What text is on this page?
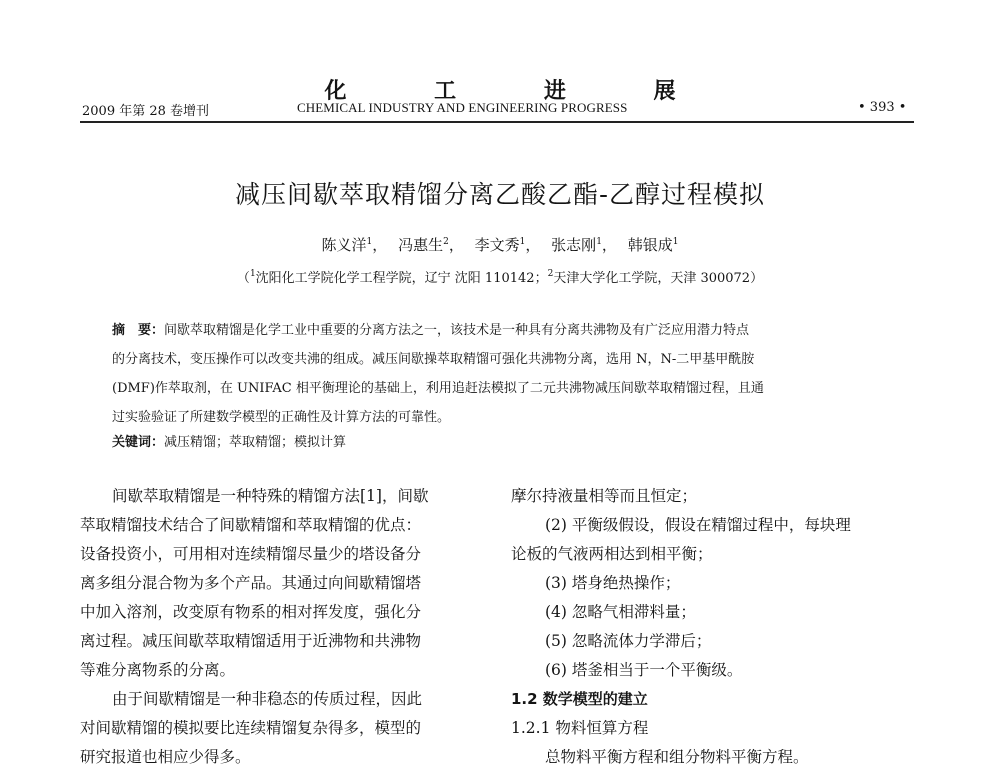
化 工 进 展
2009 年第 28 卷增刊	CHEMICAL INDUSTRY AND ENGINEERING PROGRESS	• 393 •
减压间歇萃取精馏分离乙酸乙酯-乙醇过程模拟
陈义洋$^1$， 冯惠生$^2$， 李文秀$^1$， 张志刚$^1$， 韩银成$^1$
（$^1$沈阳化工学院化学工程学院，辽宁 沈阳 110142；$^2$天津大学化工学院，天津 300072）
摘　要：间歇萃取精馏是化学工业中重要的分离方法之一，该技术是一种具有分离共沸物及有广泛应用潜力特点
的分离技术，变压操作可以改变共沸的组成。减压间歇操萃取精馏可强化共沸物分离，选用 N，N-二甲基甲酰胺
(DMF)作萃取剂，在 UNIFAC 相平衡理论的基础上，利用追赶法模拟了二元共沸物减压间歇萃取精馏过程，且通
过实验验证了所建数学模型的正确性及计算方法的可靠性。
关键词：减压精馏；萃取精馏；模拟计算
间歇萃取精馏是一种特殊的精馏方法[1]，间歇
萃取精馏技术结合了间歇精馏和萃取精馏的优点：
设备投资小，可用相对连续精馏尽量少的塔设备分
离多组分混合物为多个产品。其通过向间歇精馏塔
中加入溶剂，改变原有物系的相对挥发度，强化分
离过程。减压间歇萃取精馏适用于近沸物和共沸物
等难分离物系的分离。
由于间歇精馏是一种非稳态的传质过程，因此
对间歇精馏的模拟要比连续精馏复杂得多，模型的
研究报道也相应少得多。
摩尔持液量相等而且恒定；
(2) 平衡级假设，假设在精馏过程中，每块理
论板的气液两相达到相平衡；
(3) 塔身绝热操作；
(4) 忽略气相滞料量；
(5) 忽略流体力学滞后；
(6) 塔釜相当于一个平衡级。
1.2 数学模型的建立
1.2.1 物料恒算方程
总物料平衡方程和组分物料平衡方程。
